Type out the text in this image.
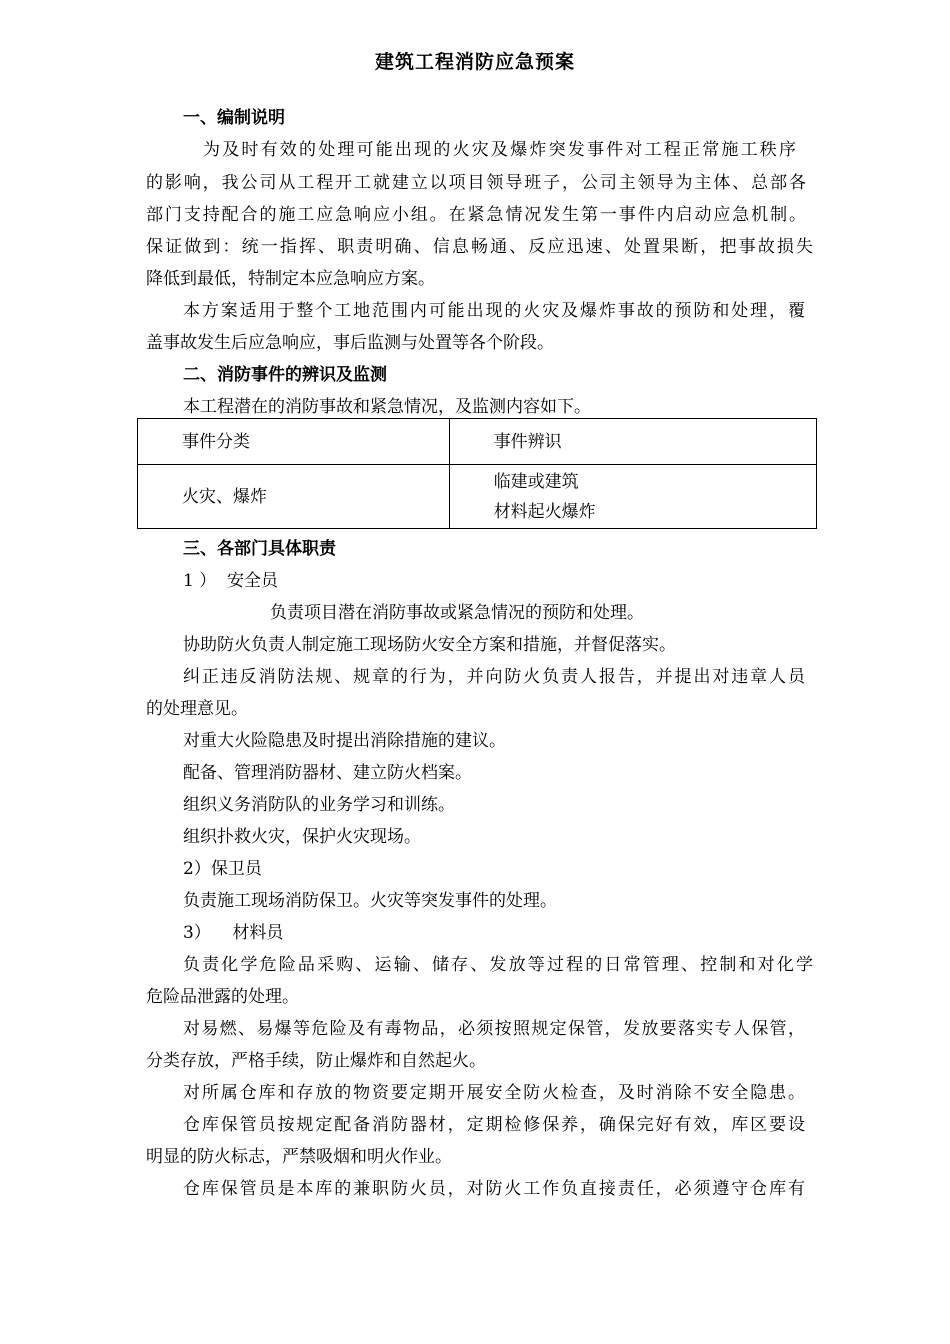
建筑工程消防应急预案
一、编制说明
为及时有效的处理可能出现的火灾及爆炸突发事件对工程正常施工秩序
的影响，我公司从工程开工就建立以项目领导班子，公司主领导为主体、总部各
部门支持配合的施工应急响应小组。在紧急情况发生第一事件内启动应急机制。
保证做到：统一指挥、职责明确、信息畅通、反应迅速、处置果断，把事故损失
降低到最低，特制定本应急响应方案。
本方案适用于整个工地范围内可能出现的火灾及爆炸事故的预防和处理，覆
盖事故发生后应急响应，事后监测与处置等各个阶段。
二、消防事件的辨识及监测
本工程潜在的消防事故和紧急情况，及监测内容如下。
事件分类	事件辨识

火灾、爆炸	临建或建筑
材料起火爆炸
三、各部门具体职责
1 ）  安全员
负责项目潜在消防事故或紧急情况的预防和处理。
协助防火负责人制定施工现场防火安全方案和措施，并督促落实。
纠正违反消防法规、规章的行为，并向防火负责人报告，并提出对违章人员
的处理意见。
对重大火险隐患及时提出消除措施的建议。
配备、管理消防器材、建立防火档案。
组织义务消防队的业务学习和训练。
组织扑救火灾，保护火灾现场。
2）保卫员
负责施工现场消防保卫。火灾等突发事件的处理。
3）    材料员
负责化学危险品采购、运输、储存、发放等过程的日常管理、控制和对化学
危险品泄露的处理。
对易燃、易爆等危险及有毒物品，必须按照规定保管，发放要落实专人保管，
分类存放，严格手续，防止爆炸和自然起火。
对所属仓库和存放的物资要定期开展安全防火检查，及时消除不安全隐患。
仓库保管员按规定配备消防器材，定期检修保养，确保完好有效，库区要设
明显的防火标志，严禁吸烟和明火作业。
仓库保管员是本库的兼职防火员，对防火工作负直接责任，必须遵守仓库有
